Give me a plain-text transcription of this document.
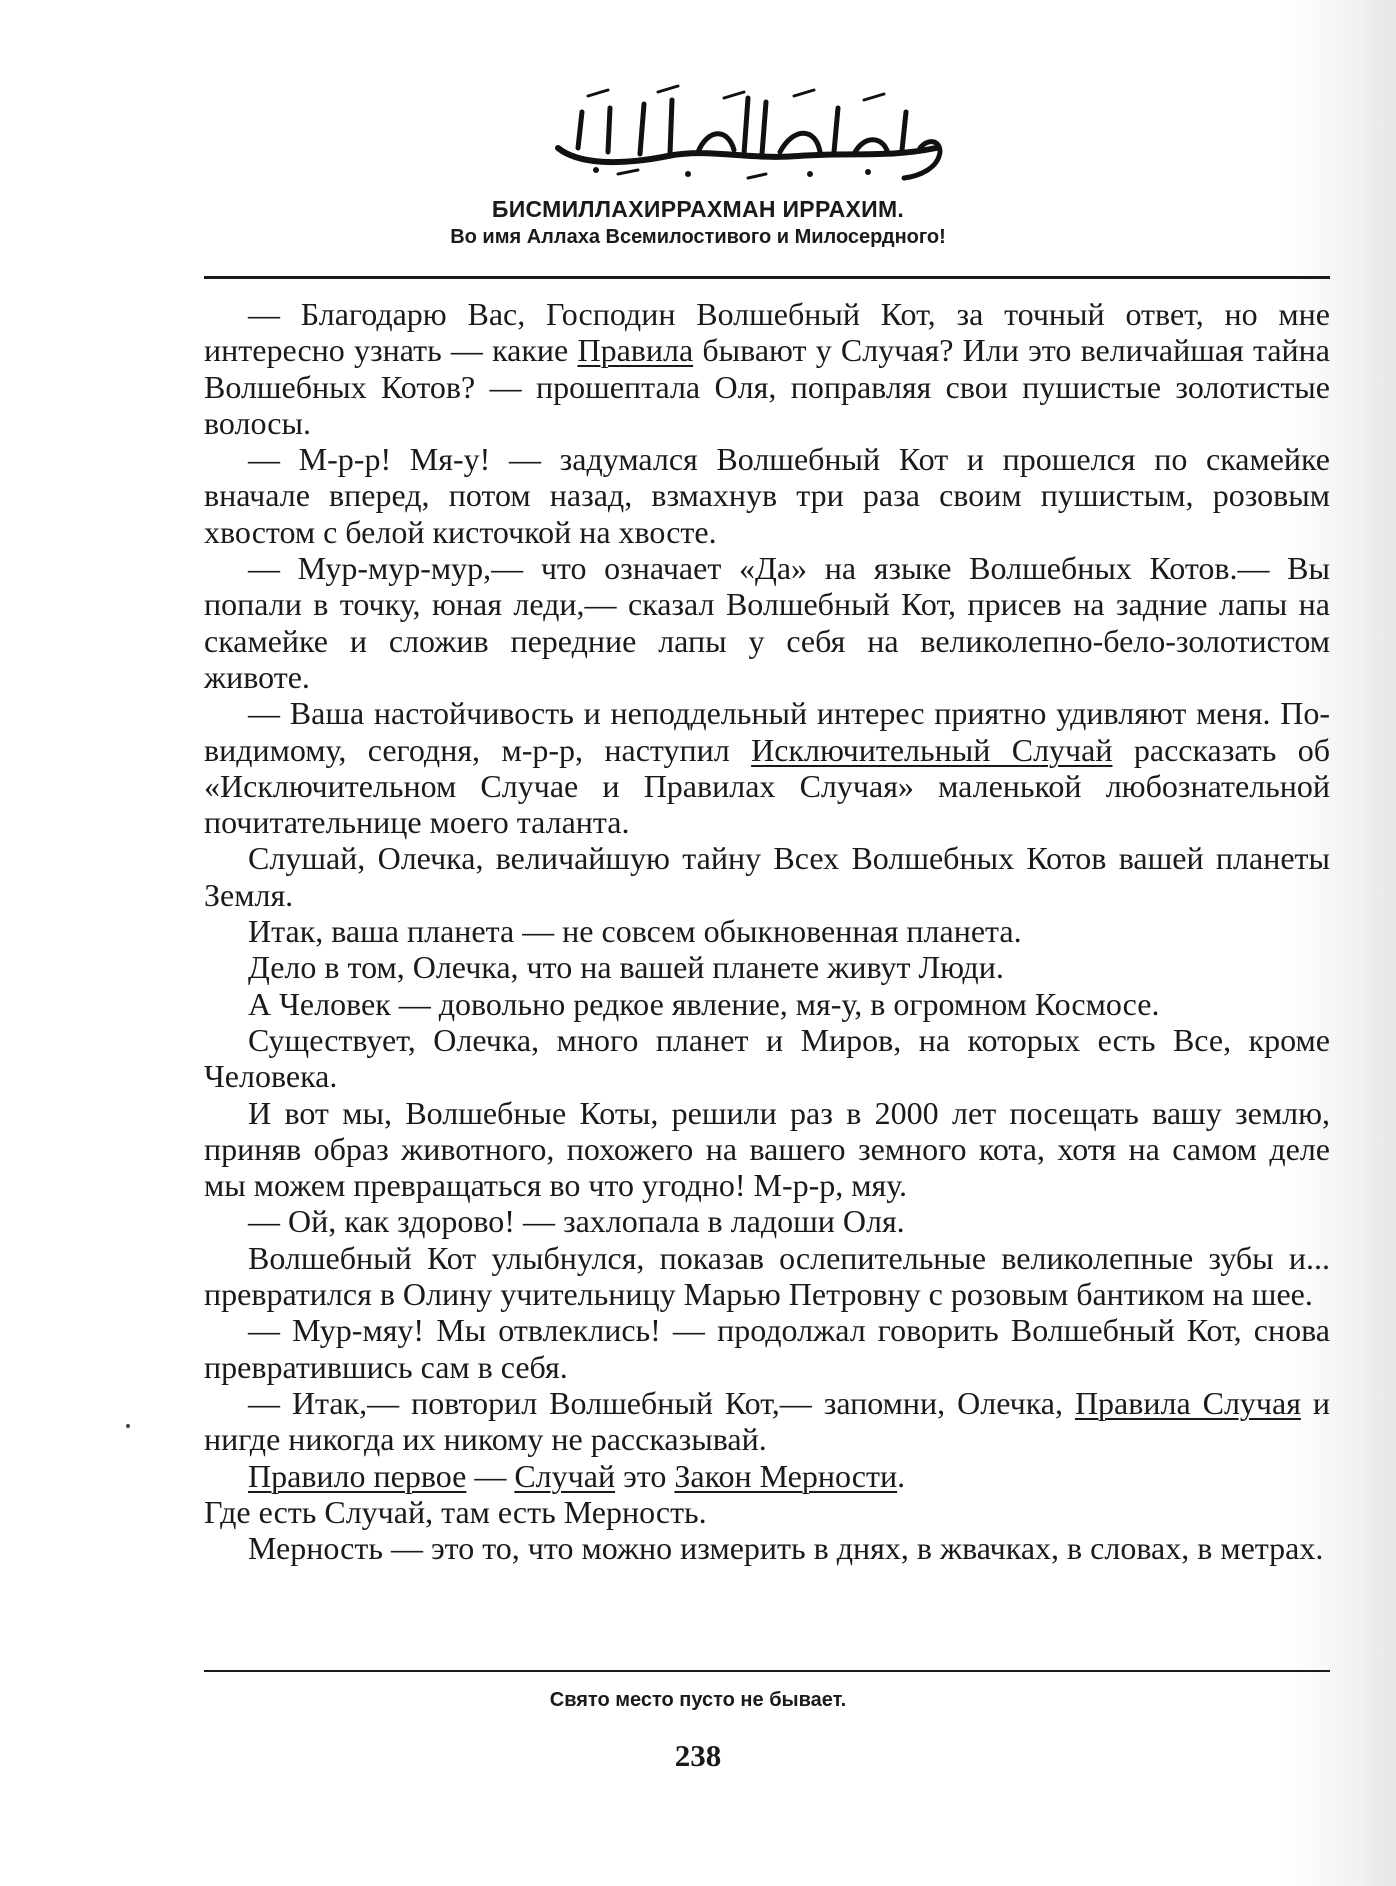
БИСМИЛЛАХИРРАХМАН ИРРАХИМ.
Во имя Аллаха Всемилостивого и Милосердного!

— Благодарю Вас, Господин Волшебный Кот, за точный ответ, но мне интересно узнать — какие Правила бывают у Случая? Или это величайшая тайна Волшебных Котов? — прошептала Оля, поправляя свои пушистые золотистые волосы.

— М-р-р! Мя-у! — задумался Волшебный Кот и прошелся по скамейке вначале вперед, потом назад, взмахнув три раза своим пушистым, розовым хвостом с белой кисточкой на хвосте.

— Мур-мур-мур,— что означает «Да» на языке Волшебных Котов.— Вы попали в точку, юная леди,— сказал Волшебный Кот, присев на задние лапы на скамейке и сложив передние лапы у себя на великолепно-бело-золотистом животе.

— Ваша настойчивость и неподдельный интерес приятно удивляют меня. По-видимому, сегодня, м-р-р, наступил Исключительный Случай рассказать об «Исключительном Случае и Правилах Случая» маленькой любознательной почитательнице моего таланта.

Слушай, Олечка, величайшую тайну Всех Волшебных Котов вашей планеты Земля.

Итак, ваша планета — не совсем обыкновенная планета.

Дело в том, Олечка, что на вашей планете живут Люди.

А Человек — довольно редкое явление, мя-у, в огромном Космосе.

Существует, Олечка, много планет и Миров, на которых есть Все, кроме Человека.

И вот мы, Волшебные Коты, решили раз в 2000 лет посещать вашу землю, приняв образ животного, похожего на вашего земного кота, хотя на самом деле мы можем превращаться во что угодно! М-р-р, мяу.

— Ой, как здорово! — захлопала в ладоши Оля.

Волшебный Кот улыбнулся, показав ослепительные великолепные зубы и... превратился в Олину учительницу Марью Петровну с розовым бантиком на шее.

— Мур-мяу! Мы отвлеклись! — продолжал говорить Волшебный Кот, снова превратившись сам в себя.

— Итак,— повторил Волшебный Кот,— запомни, Олечка, Правила Случая и нигде никогда их никому не рассказывай.

Правило первое — Случай это Закон Мерности.

Где есть Случай, там есть Мерность.

Мерность — это то, что можно измерить в днях, в жвачках, в словах, в метрах.

Свято место пусто не бывает.
238
